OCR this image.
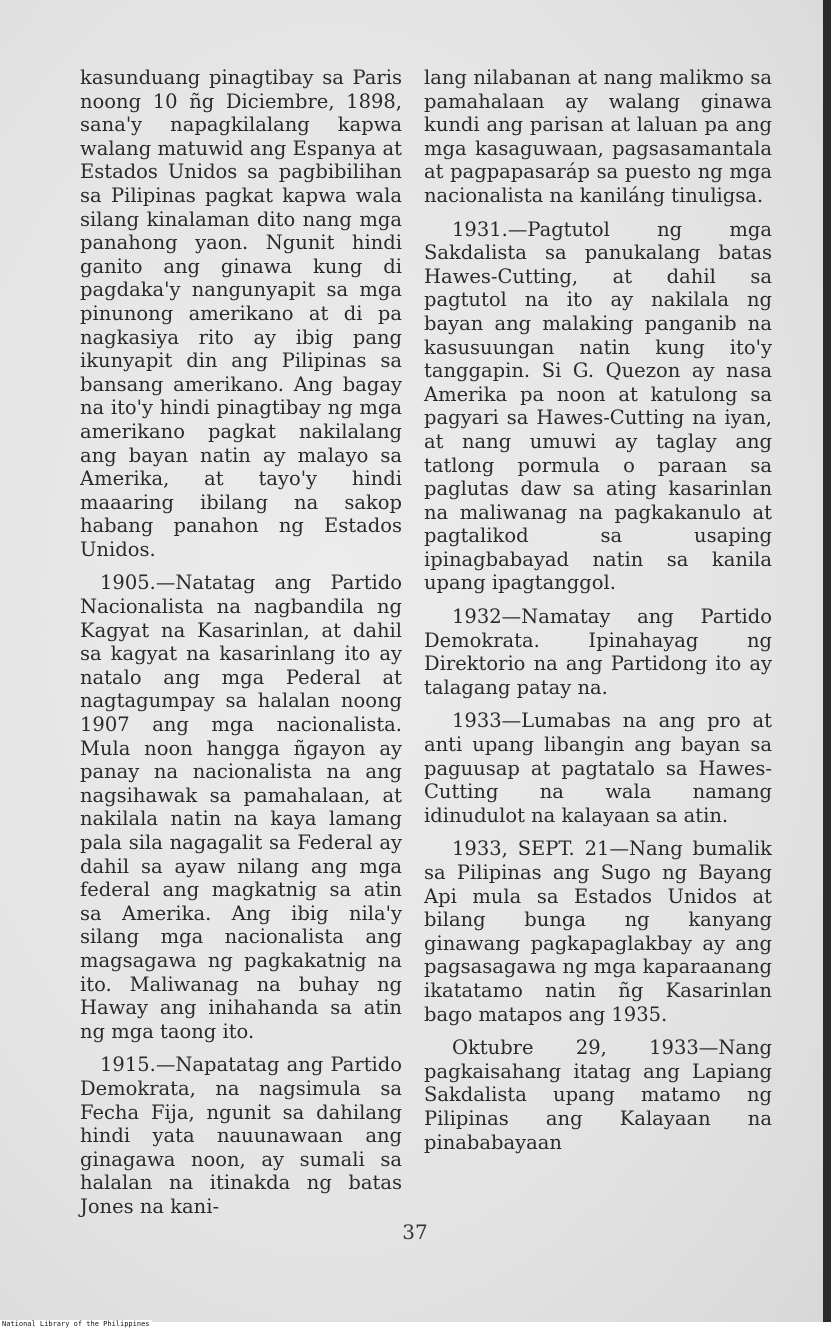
kasunduang pinagtibay sa Paris noong 10 ñg Diciembre, 1898, sana'y napagkilalang kapwa walang matuwid ang Espanya at Estados Unidos sa pagbibilihan sa Pilipinas pagkat kapwa wala silang kinalaman dito nang mga panahong yaon. Ngunit hindi ganito ang ginawa kung di pagdaka'y nangunyapit sa mga pinunong amerikano at di pa nagkasiya rito ay ibig pang ikunyapit din ang Pilipinas sa bansang amerikano. Ang bagay na ito'y hindi pinagtibay ng mga amerikano pagkat nakilalang ang bayan natin ay malayo sa Amerika, at tayo'y hindi maaaring ibilang na sakop habang panahon ng Estados Unidos.

1905.—Natatag ang Partido Nacionalista na nagbandila ng Kagyat na Kasarinlan, at dahil sa kagyat na kasarinlang ito ay natalo ang mga Pederal at nagtagumpay sa halalan noong 1907 ang mga nacionalista. Mula noon hangga ñgayon ay panay na nacionalista na ang nagsihawak sa pamahalaan, at nakilala natin na kaya lamang pala sila nagagalit sa Federal ay dahil sa ayaw nilang ang mga federal ang magkatnig sa atin sa Amerika. Ang ibig nila'y silang mga nacionalista ang magsagawa ng pagkakatnig na ito. Maliwanag na buhay ng Haway ang inihahanda sa atin ng mga taong ito.

1915.—Napatatag ang Partido Demokrata, na nagsimula sa Fecha Fija, ngunit sa dahilang hindi yata nauunawaan ang ginagawa noon, ay sumali sa halalan na itinakda ng batas Jones na kani-

lang nilabanan at nang malikmo sa pamahalaan ay walang ginawa kundi ang parisan at laluan pa ang mga kasaguwaan, pagsasamantala at pagpapasaráp sa puesto ng mga nacionalista na kaniláng tinuligsa.

1931.—Pagtutol ng mga Sakdalista sa panukalang batas Hawes-Cutting, at dahil sa pagtutol na ito ay nakilala ng bayan ang malaking panganib na kasusuungan natin kung ito'y tanggapin. Si G. Quezon ay nasa Amerika pa noon at katulong sa pagyari sa Hawes-Cutting na iyan, at nang umuwi ay taglay ang tatlong pormula o paraan sa paglutas daw sa ating kasarinlan na maliwanag na pagkakanulo at pagtalikod sa usaping ipinagbabayad natin sa kanila upang ipagtanggol.

1932—Namatay ang Partido Demokrata. Ipinahayag ng Direktorio na ang Partidong ito ay talagang patay na.

1933—Lumabas na ang pro at anti upang libangin ang bayan sa paguusap at pagtatalo sa Hawes-Cutting na wala namang idinudulot na kalayaan sa atin.

1933, SEPT. 21—Nang bumalik sa Pilipinas ang Sugo ng Bayang Api mula sa Estados Unidos at bilang bunga ng kanyang ginawang pagkapaglakbay ay ang pagsasagawa ng mga kaparaanang ikatatamo natin ñg Kasarinlan bago matapos ang 1935.

Oktubre 29, 1933—Nang pagkaisahang itatag ang Lapiang Sakdalista upang matamo ng Pilipinas ang Kalayaan na pinababayaan

37
National Library of the Philippines
